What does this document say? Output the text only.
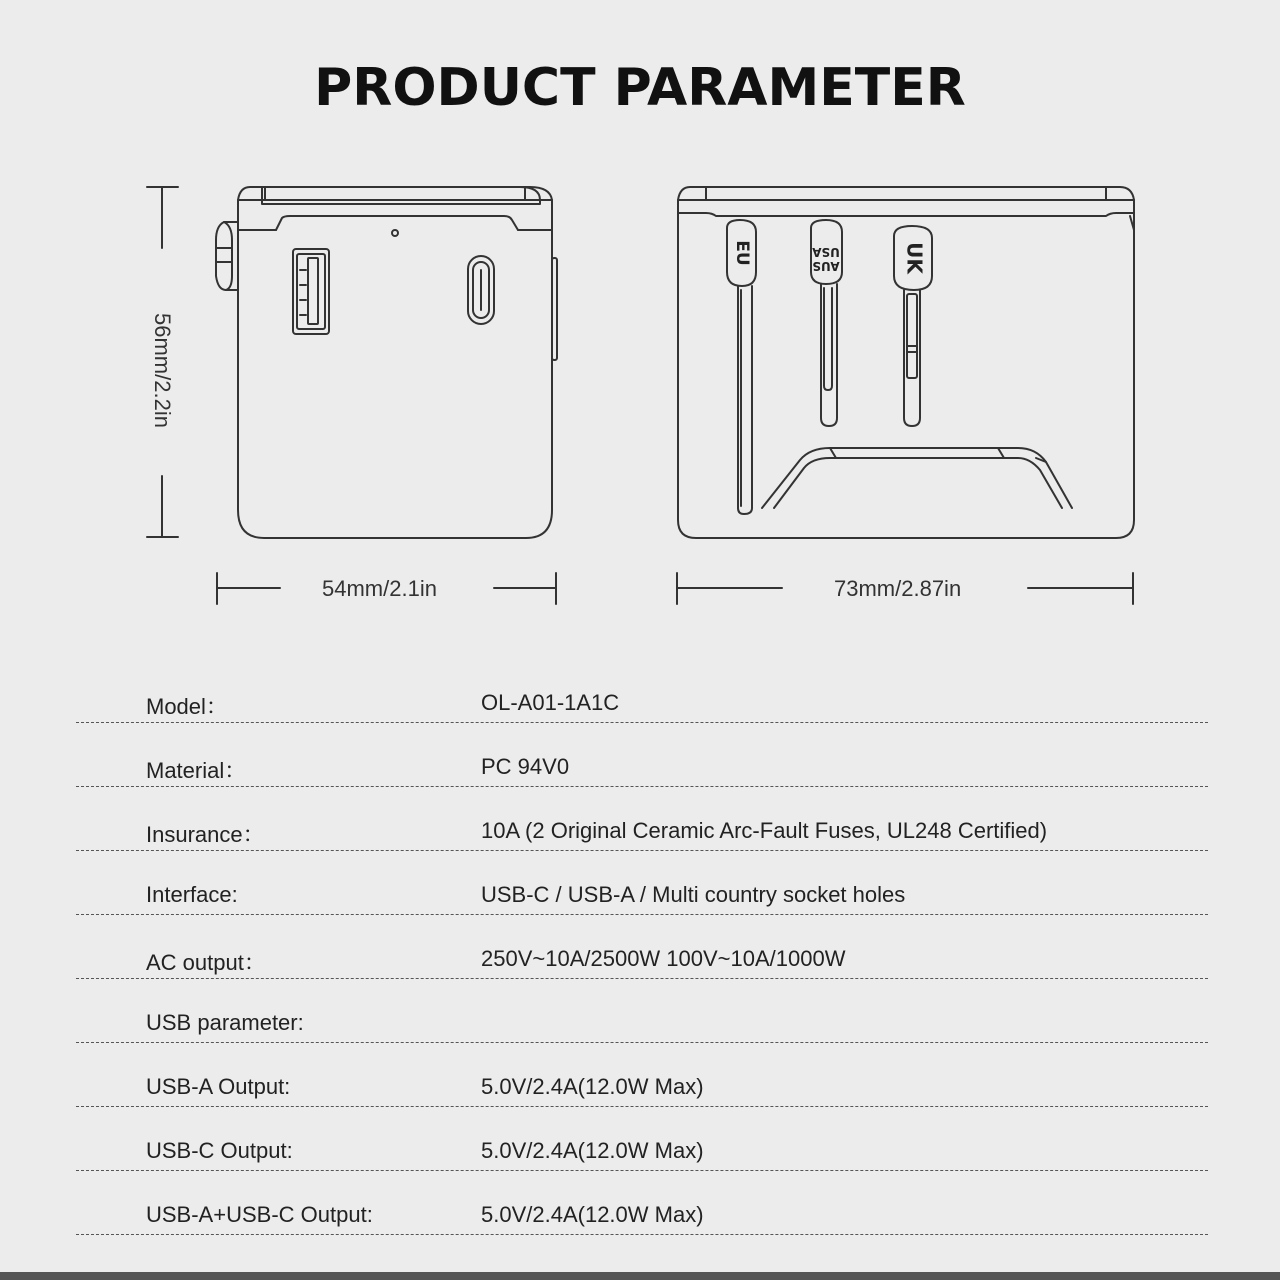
PRODUCT PARAMETER
EU
AUS
USA	UK
56mm/2.2in
54mm/2.1in	73mm/2.87in
Model：	OL-A01-1A1C
Material：	PC 94V0
Insurance：	10A (2 Original Ceramic Arc-Fault Fuses, UL248 Certified)
Interface:	USB-C / USB-A / Multi country socket holes
AC output：	250V~10A/2500W 100V~10A/1000W
USB parameter:
USB-A Output:	5.0V/2.4A(12.0W Max)
USB-C Output:	5.0V/2.4A(12.0W Max)
USB-A+USB-C Output:	5.0V/2.4A(12.0W Max)
